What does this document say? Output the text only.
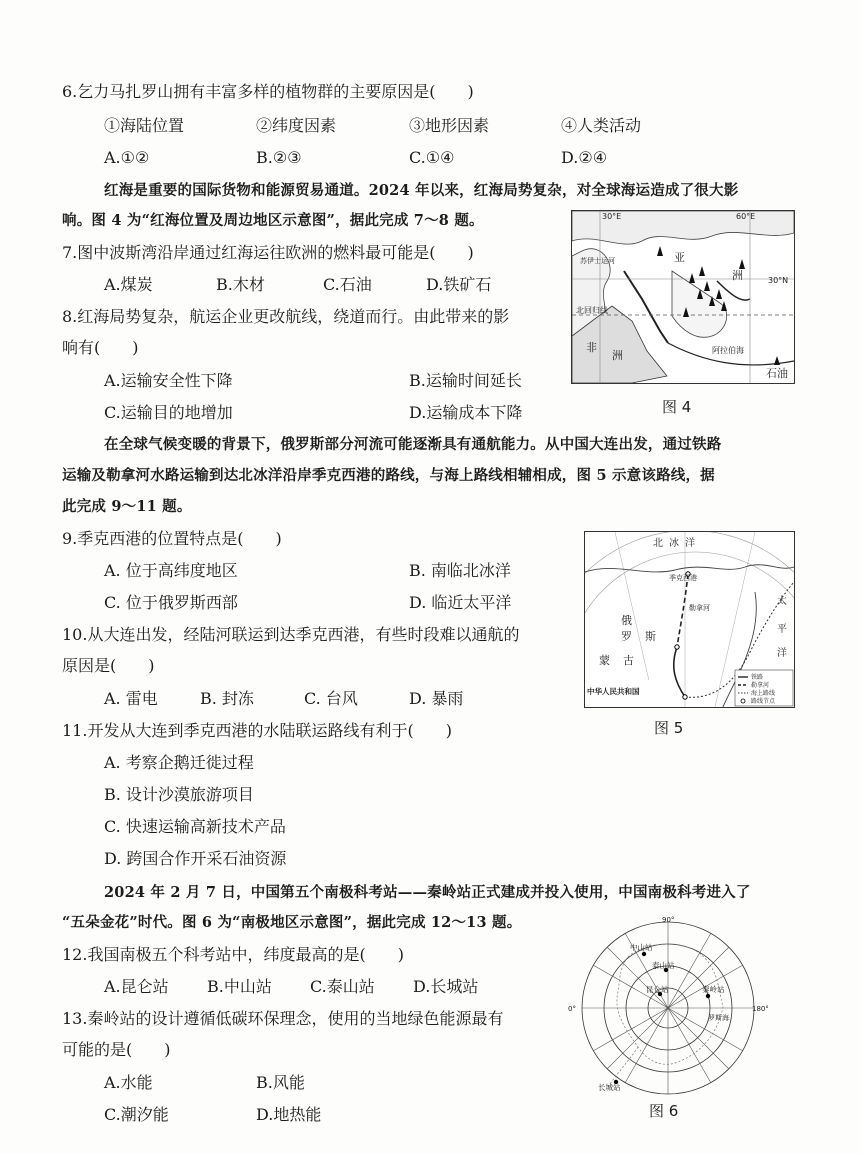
6.乞力马扎罗山拥有丰富多样的植物群的主要原因是(　　)
①海陆位置	②纬度因素	③地形因素	④人类活动
A.①②	B.②③	C.①④	D.②④
红海是重要的国际货物和能源贸易通道。2024 年以来，红海局势复杂，对全球海运造成了很大影
响。图 4 为“红海位置及周边地区示意图”，据此完成 7～8 题。
7.图中波斯湾沿岸通过红海运往欧洲的燃料最可能是(　　)
A.煤炭	B.木材	C.石油	D.铁矿石
8.红海局势复杂，航运企业更改航线，绕道而行。由此带来的影
响有(　　)
A.运输安全性下降	B.运输时间延长
C.运输目的地增加	D.运输成本下降
30°E	60°E
30°N
北回归线
苏伊士运河	亚
洲
非
洲	阿拉伯海
石油
图 4
在全球气候变暖的背景下，俄罗斯部分河流可能逐渐具有通航能力。从中国大连出发，通过铁路
运输及勒拿河水路运输到达北冰洋沿岸季克西港的路线，与海上路线相辅相成，图 5 示意该路线，据
此完成 9～11 题。
9.季克西港的位置特点是(　　)
A. 位于高纬度地区	B. 南临北冰洋
C. 位于俄罗斯西部	D. 临近太平洋
10.从大连出发，经陆河联运到达季克西港，有些时段难以通航的
原因是(　　)
A. 雷电	B. 封冻	C. 台风	D. 暴雨
北 冰 洋
季克西港
勒拿河
俄
罗 斯
蒙 古
太
平
洋
中华人民共和国
铁路
勒拿河
海上路线
路线节点
图 5
11.开发从大连到季克西港的水陆联运路线有利于(　　)
A. 考察企鹅迁徙过程
B. 设计沙漠旅游项目
C. 快速运输高新技术产品
D. 跨国合作开采石油资源
2024 年 2 月 7 日，中国第五个南极科考站——秦岭站正式建成并投入使用，中国南极科考进入了
“五朵金花”时代。图 6 为“南极地区示意图”，据此完成 12～13 题。
12.我国南极五个科考站中，纬度最高的是(　　)
A.昆仑站 B.中山站 C.泰山站 D.长城站
13.秦岭站的设计遵循低碳环保理念，使用的当地绿色能源最有
可能的是(　　)
A.水能	B.风能
C.潮汐能	D.地热能
90°
0°	180°
中山站
泰山站
昆仑站	秦岭站
罗斯海
长城站
图 6
